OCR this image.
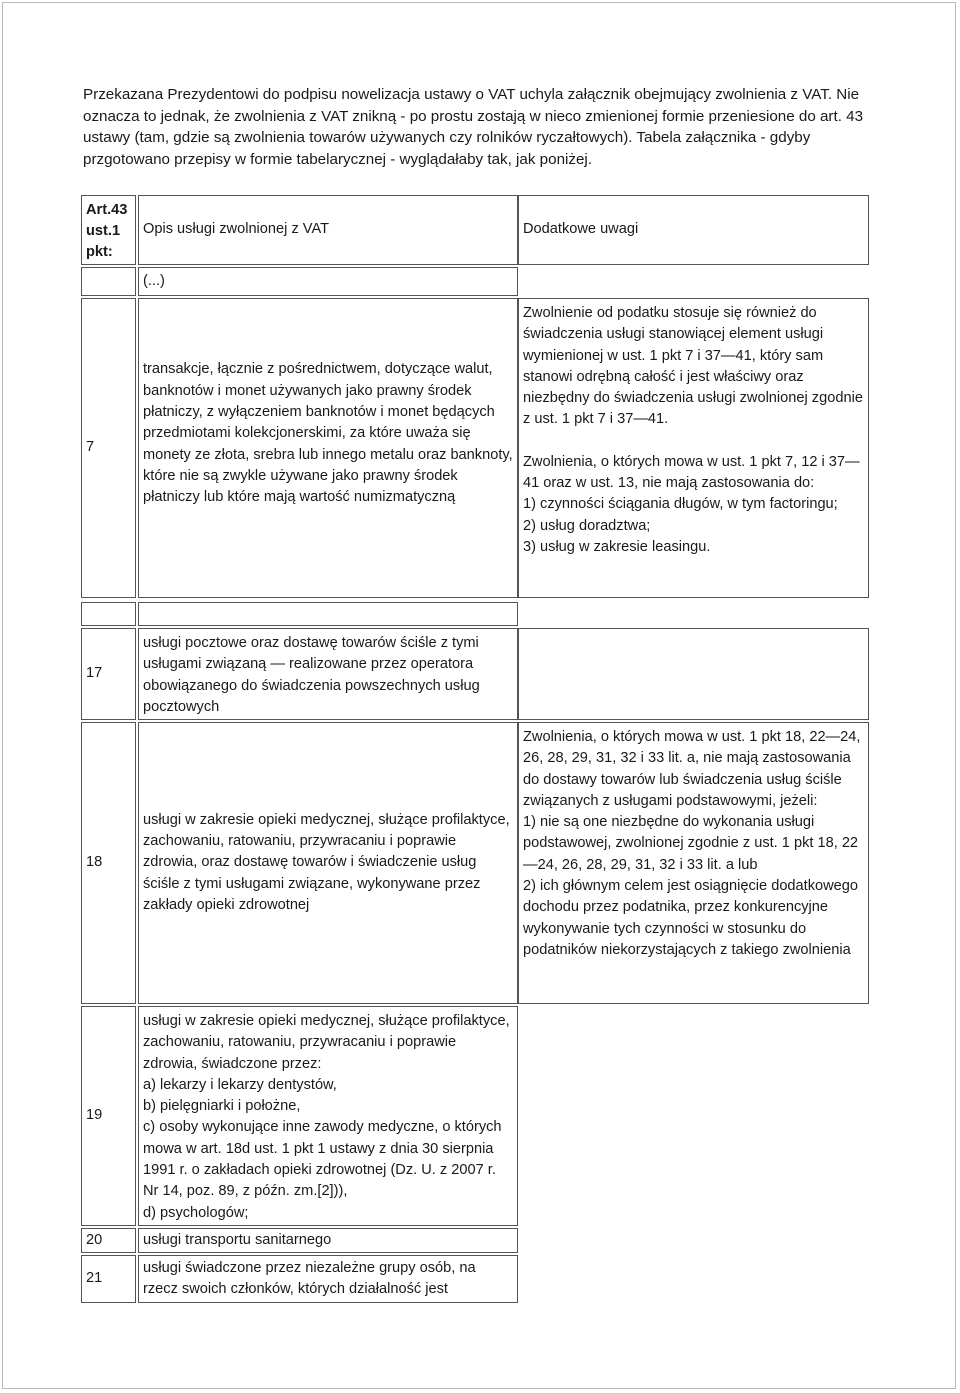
Przekazana Prezydentowi do podpisu nowelizacja ustawy o VAT uchyla załącznik obejmujący zwolnienia z VAT. Nie oznacza to jednak, że zwolnienia z VAT znikną - po prostu zostają w nieco zmienionej formie przeniesione do art. 43 ustawy (tam, gdzie są zwolnienia towarów używanych czy rolników ryczałtowych). Tabela załącznika - gdyby przgotowano przepisy w formie tabelarycznej - wyglądałaby tak, jak poniżej.

Art.43 ust.1 pkt:
Opis usługi zwolnionej z VAT	Dodatkowe uwagi
(...)
7

transakcje, łącznie z pośrednictwem, dotyczące walut, banknotów i monet używanych jako prawny środek płatniczy, z wyłączeniem banknotów i monet będących przedmiotami kolekcjonerskimi, za które uważa się monety ze złota, srebra lub innego metalu oraz banknoty, które nie są zwykle używane jako prawny środek płatniczy lub które mają wartość numizmatyczną

Zwolnienie od podatku stosuje się również do świadczenia usługi stanowiącej element usługi wymienionej w ust. 1 pkt 7 i 37—41, który sam stanowi odrębną całość i jest właściwy oraz niezbędny do świadczenia usługi zwolnionej zgodnie z ust. 1 pkt 7 i 37—41.

Zwolnienia, o których mowa w ust. 1 pkt 7, 12 i 37—41 oraz w ust. 13, nie mają zastosowania do:

1) czynności ściągania długów, w tym factoringu;

2) usług doradztwa;

3) usług w zakresie leasingu.

17

usługi pocztowe oraz dostawę towarów ściśle z tymi usługami związaną — realizowane przez operatora obowiązanego do świadczenia powszechnych usług pocztowych

18

usługi w zakresie opieki medycznej, służące profilaktyce, zachowaniu, ratowaniu, przywracaniu i poprawie zdrowia, oraz dostawę towarów i świadczenie usług ściśle z tymi usługami związane, wykonywane przez zakłady opieki zdrowotnej

Zwolnienia, o których mowa w ust. 1 pkt 18, 22—24, 26, 28, 29, 31, 32 i 33 lit. a, nie mają zastosowania do dostawy towarów lub świadczenia usług ściśle związanych z usługami podstawowymi, jeżeli:

1) nie są one niezbędne do wykonania usługi podstawowej, zwolnionej zgodnie z ust. 1 pkt 18, 22—24, 26, 28, 29, 31, 32 i 33 lit. a lub

2) ich głównym celem jest osiągnięcie dodatkowego dochodu przez podatnika, przez konkurencyjne wykonywanie tych czynności w stosunku do podatników niekorzystających z takiego zwolnienia

19

usługi w zakresie opieki medycznej, służące profilaktyce, zachowaniu, ratowaniu, przywracaniu i poprawie zdrowia, świadczone przez:

a) lekarzy i lekarzy dentystów,

b) pielęgniarki i położne,

c) osoby wykonujące inne zawody medyczne, o których mowa w art. 18d ust. 1 pkt 1 ustawy z dnia 30 sierpnia 1991 r. o zakładach opieki zdrowotnej (Dz. U. z 2007 r. Nr 14, poz. 89, z późn. zm.[2])),

d) psychologów;

20	usługi transportu sanitarnego
21

usługi świadczone przez niezależne grupy osób, na rzecz swoich członków, których działalność jest
